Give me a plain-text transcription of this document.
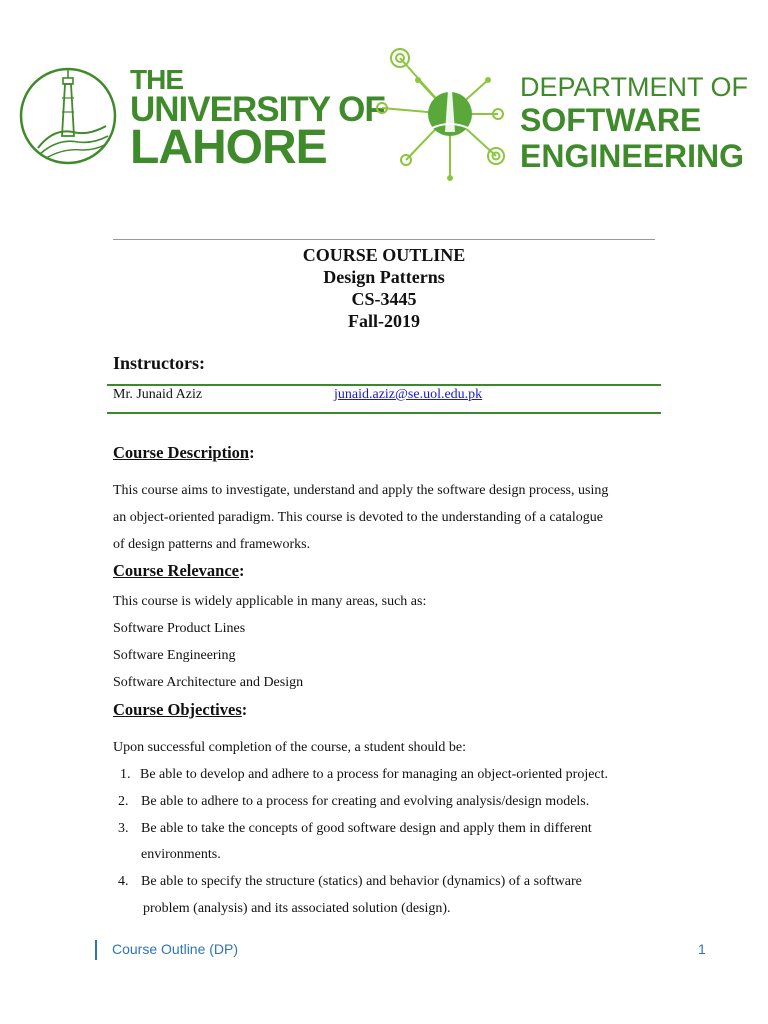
THE
UNIVERSITY OF
LAHORE
DEPARTMENT OF
SOFTWARE
ENGINEERING
COURSE OUTLINE
Design Patterns
CS-3445
Fall-2019
Instructors:
Mr. Junaid Aziz	junaid.aziz@se.uol.edu.pk
Course Description:
This course aims to investigate, understand and apply the software design process, using
an object-oriented paradigm. This course is devoted to the understanding of a catalogue
of design patterns and frameworks.
Course Relevance:
This course is widely applicable in many areas, such as:
Software Product Lines
Software Engineering
Software Architecture and Design
Course Objectives:
Upon successful completion of the course, a student should be:
1. Be able to develop and adhere to a process for managing an object-oriented project.
2. Be able to adhere to a process for creating and evolving analysis/design models.
3. Be able to take the concepts of good software design and apply them in different
environments.
4. Be able to specify the structure (statics) and behavior (dynamics) of a software
problem (analysis) and its associated solution (design).
Course Outline (DP)	1
